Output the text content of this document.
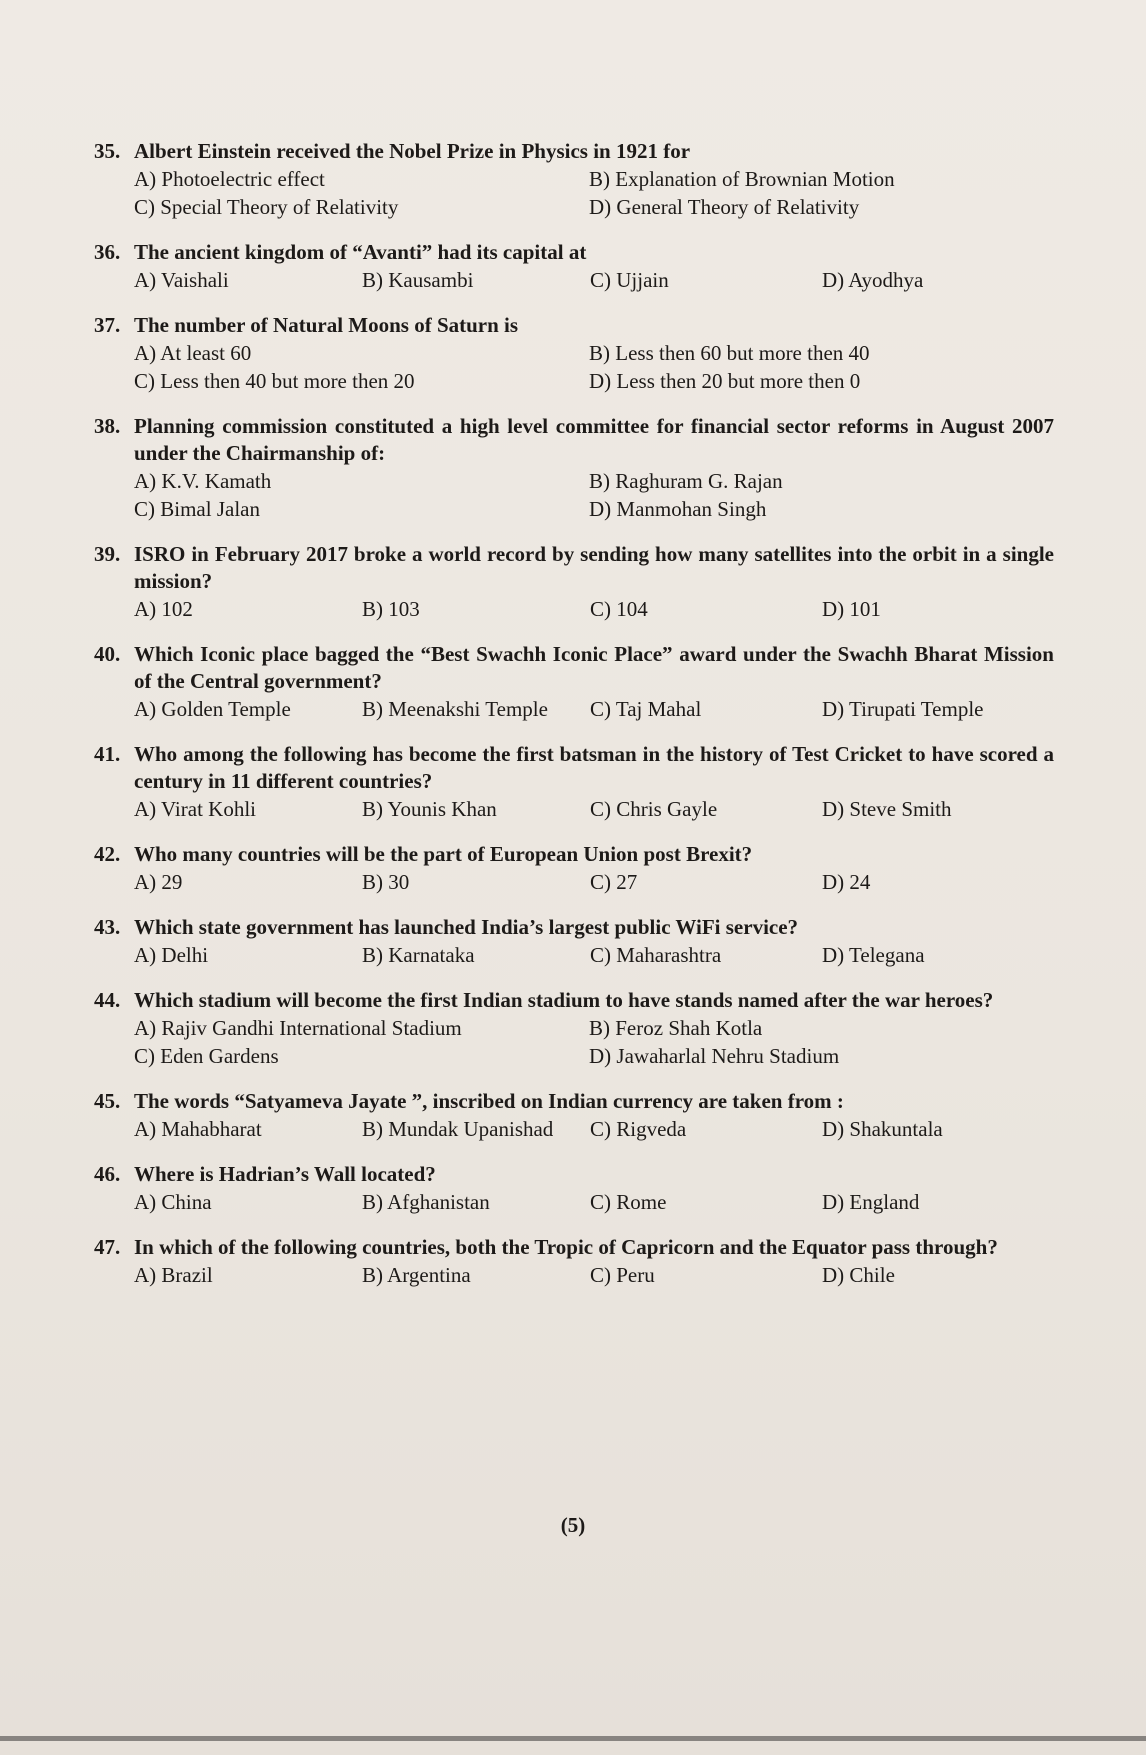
35. Albert Einstein received the Nobel Prize in Physics in 1921 for
A) Photoelectric effect	B) Explanation of Brownian Motion
C) Special Theory of Relativity	D) General Theory of Relativity
36. The ancient kingdom of “Avanti” had its capital at
A) Vaishali	B) Kausambi	C) Ujjain	D) Ayodhya
37. The number of Natural Moons of Saturn is
A) At least 60	B) Less then 60 but more then 40
C) Less then 40 but more then 20	D) Less then 20 but more then 0
38. Planning commission constituted a high level committee for financial sector reforms in August 2007 under the Chairmanship of:
A) K.V. Kamath	B) Raghuram G. Rajan
C) Bimal Jalan	D) Manmohan Singh
39. ISRO in February 2017 broke a world record by sending how many satellites into the orbit in a single mission?
A) 102	B) 103	C) 104	D) 101
40. Which Iconic place bagged the “Best Swachh Iconic Place” award under the Swachh Bharat Mission of the Central government?
A) Golden Temple	B) Meenakshi Temple	C) Taj Mahal	D) Tirupati Temple
41. Who among the following has become the first batsman in the history of Test Cricket to have scored a century in 11 different countries?
A) Virat Kohli	B) Younis Khan	C) Chris Gayle	D) Steve Smith
42. Who many countries will be the part of European Union post Brexit?
A) 29	B) 30	C) 27	D) 24
43. Which state government has launched India’s largest public WiFi service?
A) Delhi	B) Karnataka	C) Maharashtra	D) Telegana
44. Which stadium will become the first Indian stadium to have stands named after the war heroes?
A) Rajiv Gandhi International Stadium	B) Feroz Shah Kotla
C) Eden Gardens	D) Jawaharlal Nehru Stadium
45. The words “Satyameva Jayate ”, inscribed on Indian currency are taken from :
A) Mahabharat	B) Mundak Upanishad	C) Rigveda	D) Shakuntala
46. Where is Hadrian’s Wall located?
A) China	B) Afghanistan	C) Rome	D) England
47. In which of the following countries, both the Tropic of Capricorn and the Equator pass through?
A) Brazil	B) Argentina	C) Peru	D) Chile
(5)
